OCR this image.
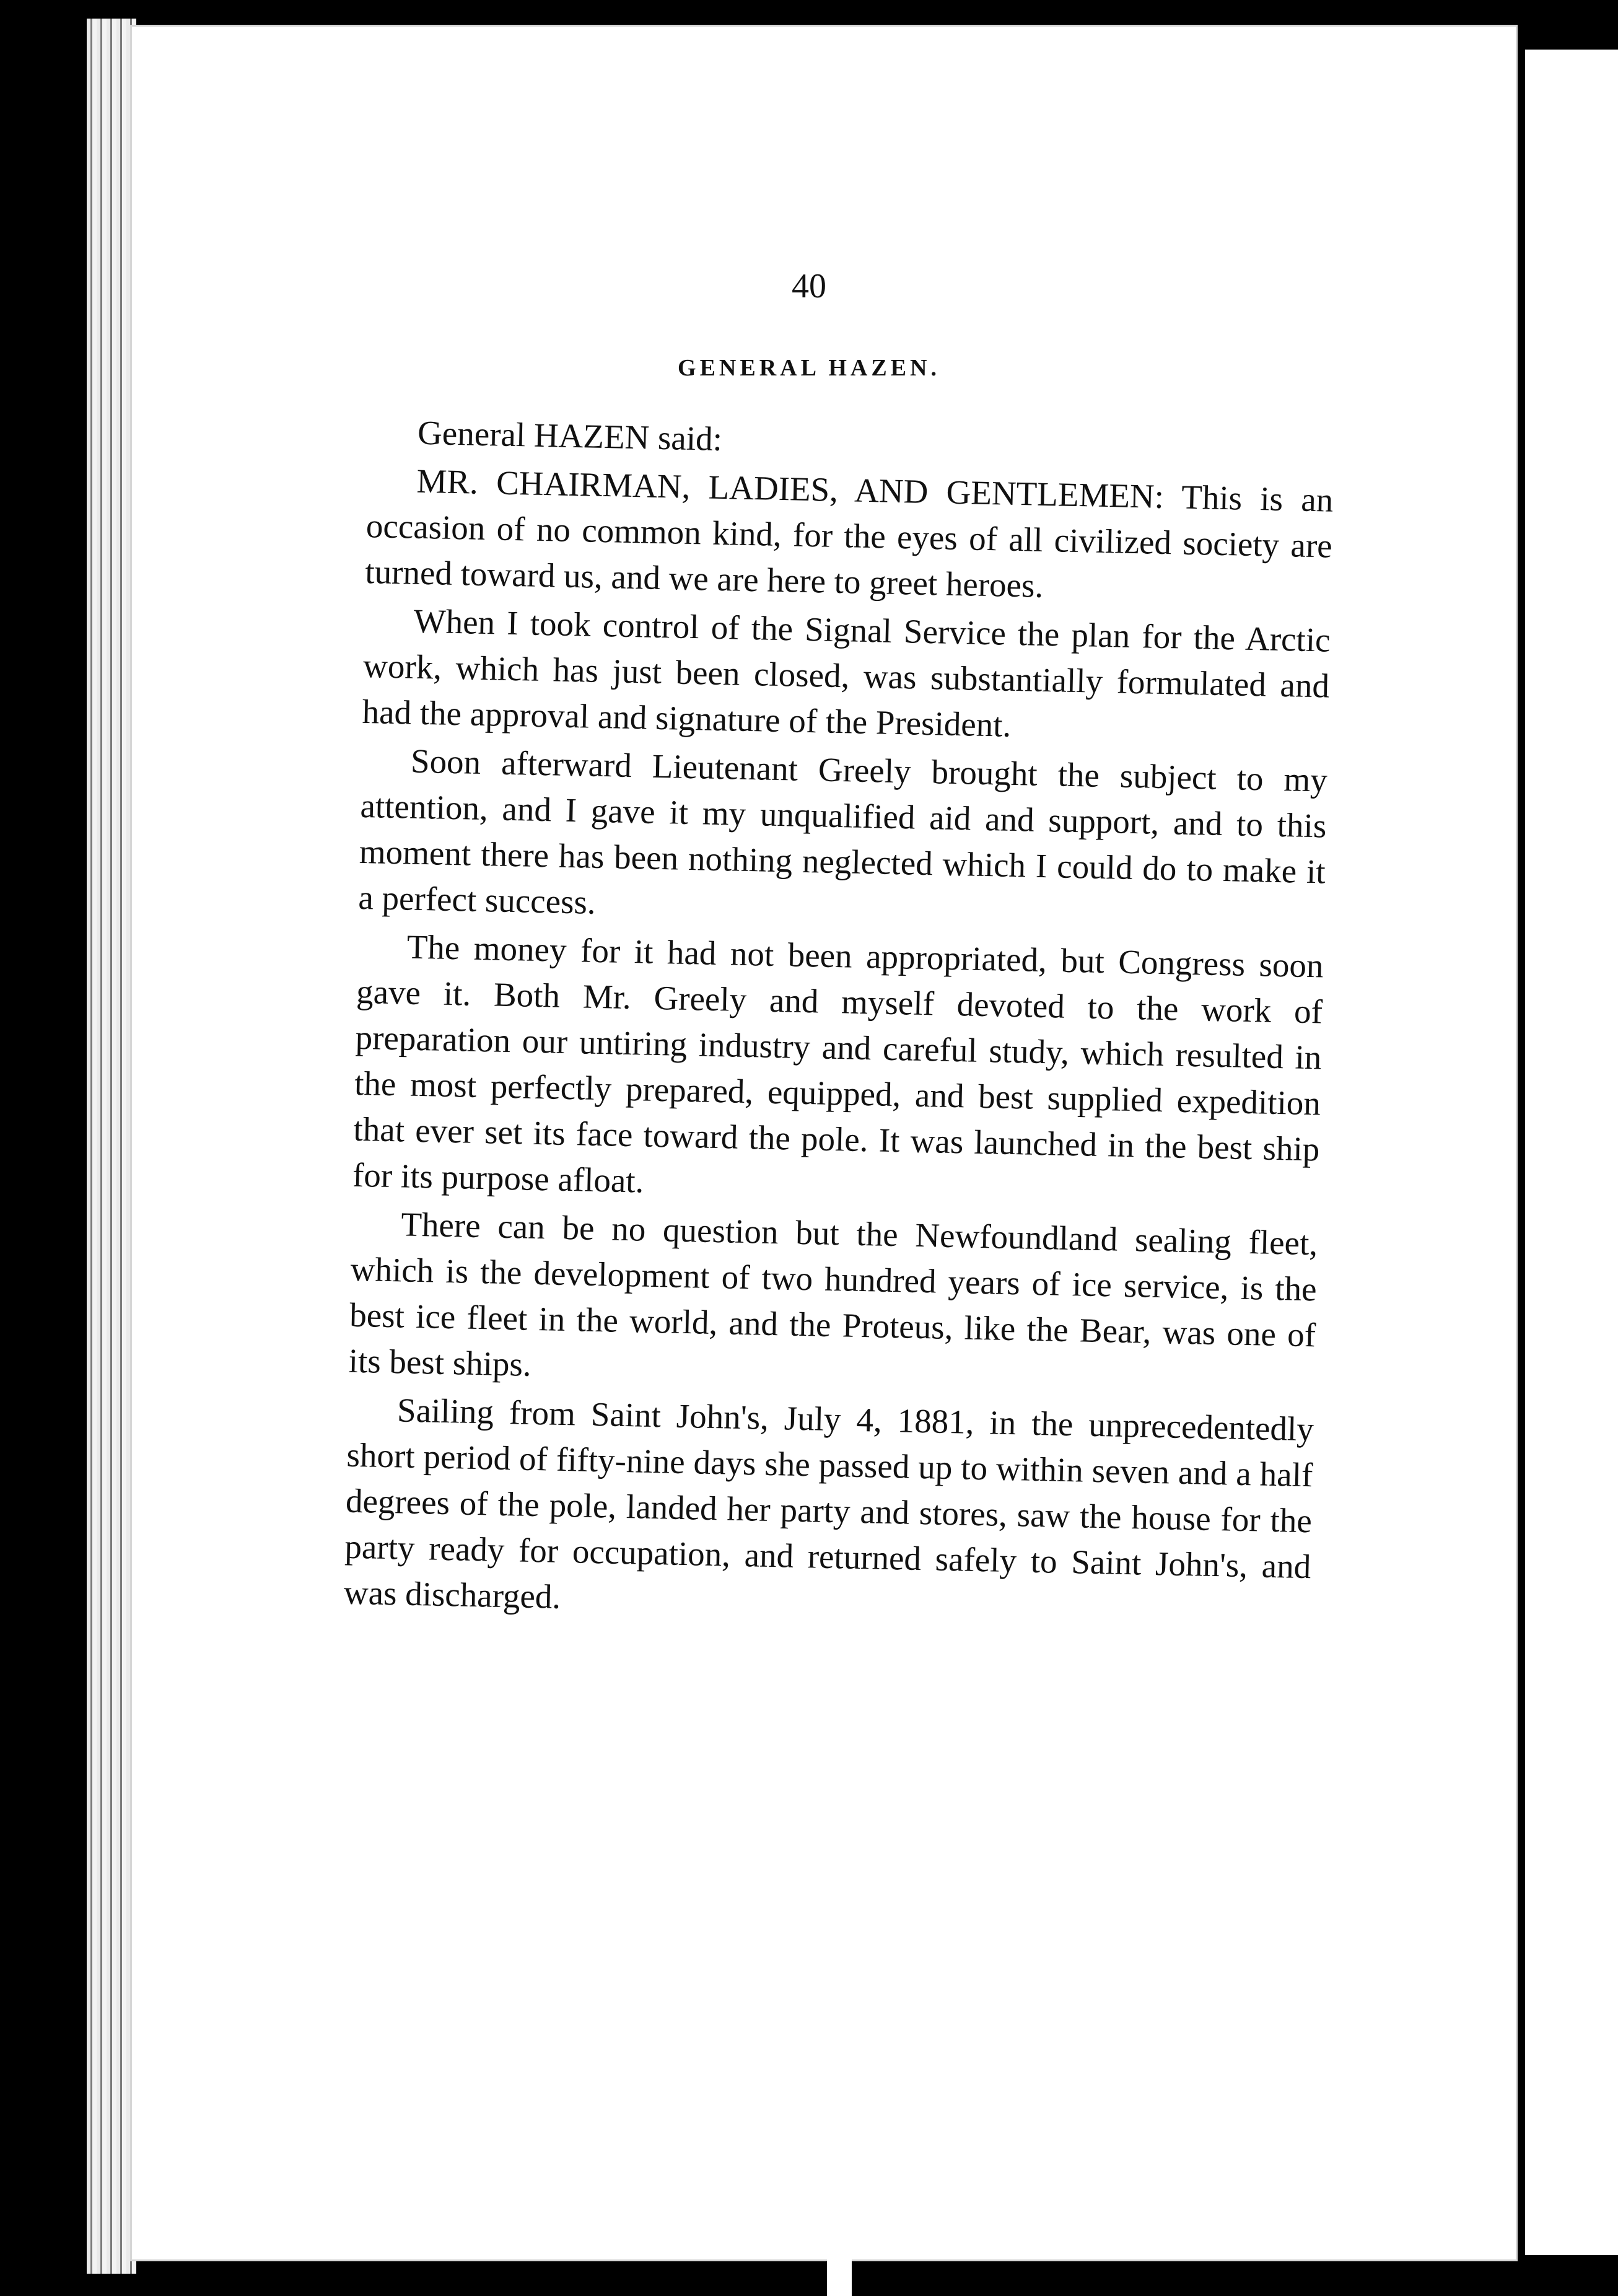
40

GENERAL HAZEN.

General HAZEN said:

MR. CHAIRMAN, LADIES, AND GENTLEMEN: This is an occasion of no common kind, for the eyes of all civilized society are turned toward us, and we are here to greet heroes.

When I took control of the Signal Service the plan for the Arctic work, which has just been closed, was substantially formulated and had the approval and signature of the President.

Soon afterward Lieutenant Greely brought the subject to my attention, and I gave it my unqualified aid and support, and to this moment there has been nothing neglected which I could do to make it a perfect success.

The money for it had not been appropriated, but Congress soon gave it. Both Mr. Greely and myself devoted to the work of preparation our untiring industry and careful study, which resulted in the most perfectly prepared, equipped, and best supplied expedition that ever set its face toward the pole. It was launched in the best ship for its purpose afloat.

There can be no question but the Newfoundland sealing fleet, which is the development of two hundred years of ice service, is the best ice fleet in the world, and the Proteus, like the Bear, was one of its best ships.

Sailing from Saint John's, July 4, 1881, in the unprecedentedly short period of fifty-nine days she passed up to within seven and a half degrees of the pole, landed her party and stores, saw the house for the party ready for occupation, and returned safely to Saint John's, and was discharged.
